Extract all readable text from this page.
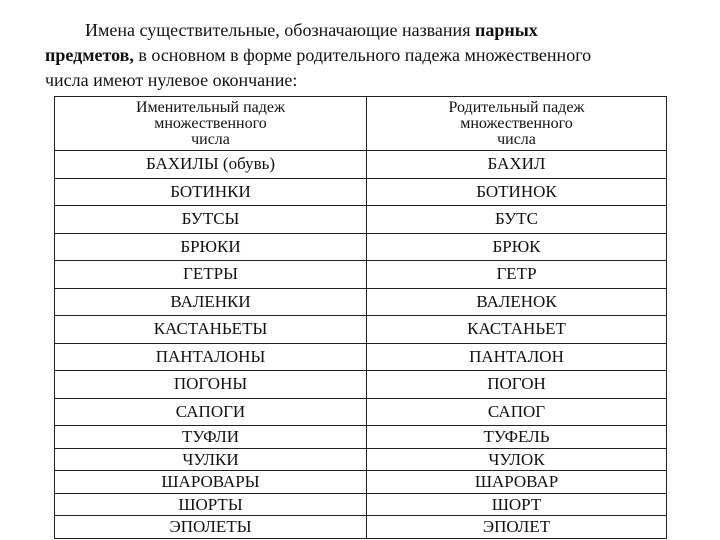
Имена существительные, обозначающие названия парных
предметов, в основном в форме родительного падежа множественного
числа имеют нулевое окончание:

Именительный падеж
множественного
числа	Родительный падеж
множественного
числа

БАХИЛЫ (обувь)	БАХИЛ
БОТИНКИ	БОТИНОК
БУТСЫ	БУТС
БРЮКИ	БРЮК
ГЕТРЫ	ГЕТР
ВАЛЕНКИ	ВАЛЕНОК
КАСТАНЬЕТЫ	КАСТАНЬЕТ
ПАНТАЛОНЫ	ПАНТАЛОН
ПОГОНЫ	ПОГОН
САПОГИ	САПОГ
ТУФЛИ	ТУФЕЛЬ
ЧУЛКИ	ЧУЛОК
ШАРОВАРЫ	ШАРОВАР
ШОРТЫ	ШОРТ
ЭПОЛЕТЫ	ЭПОЛЕТ
